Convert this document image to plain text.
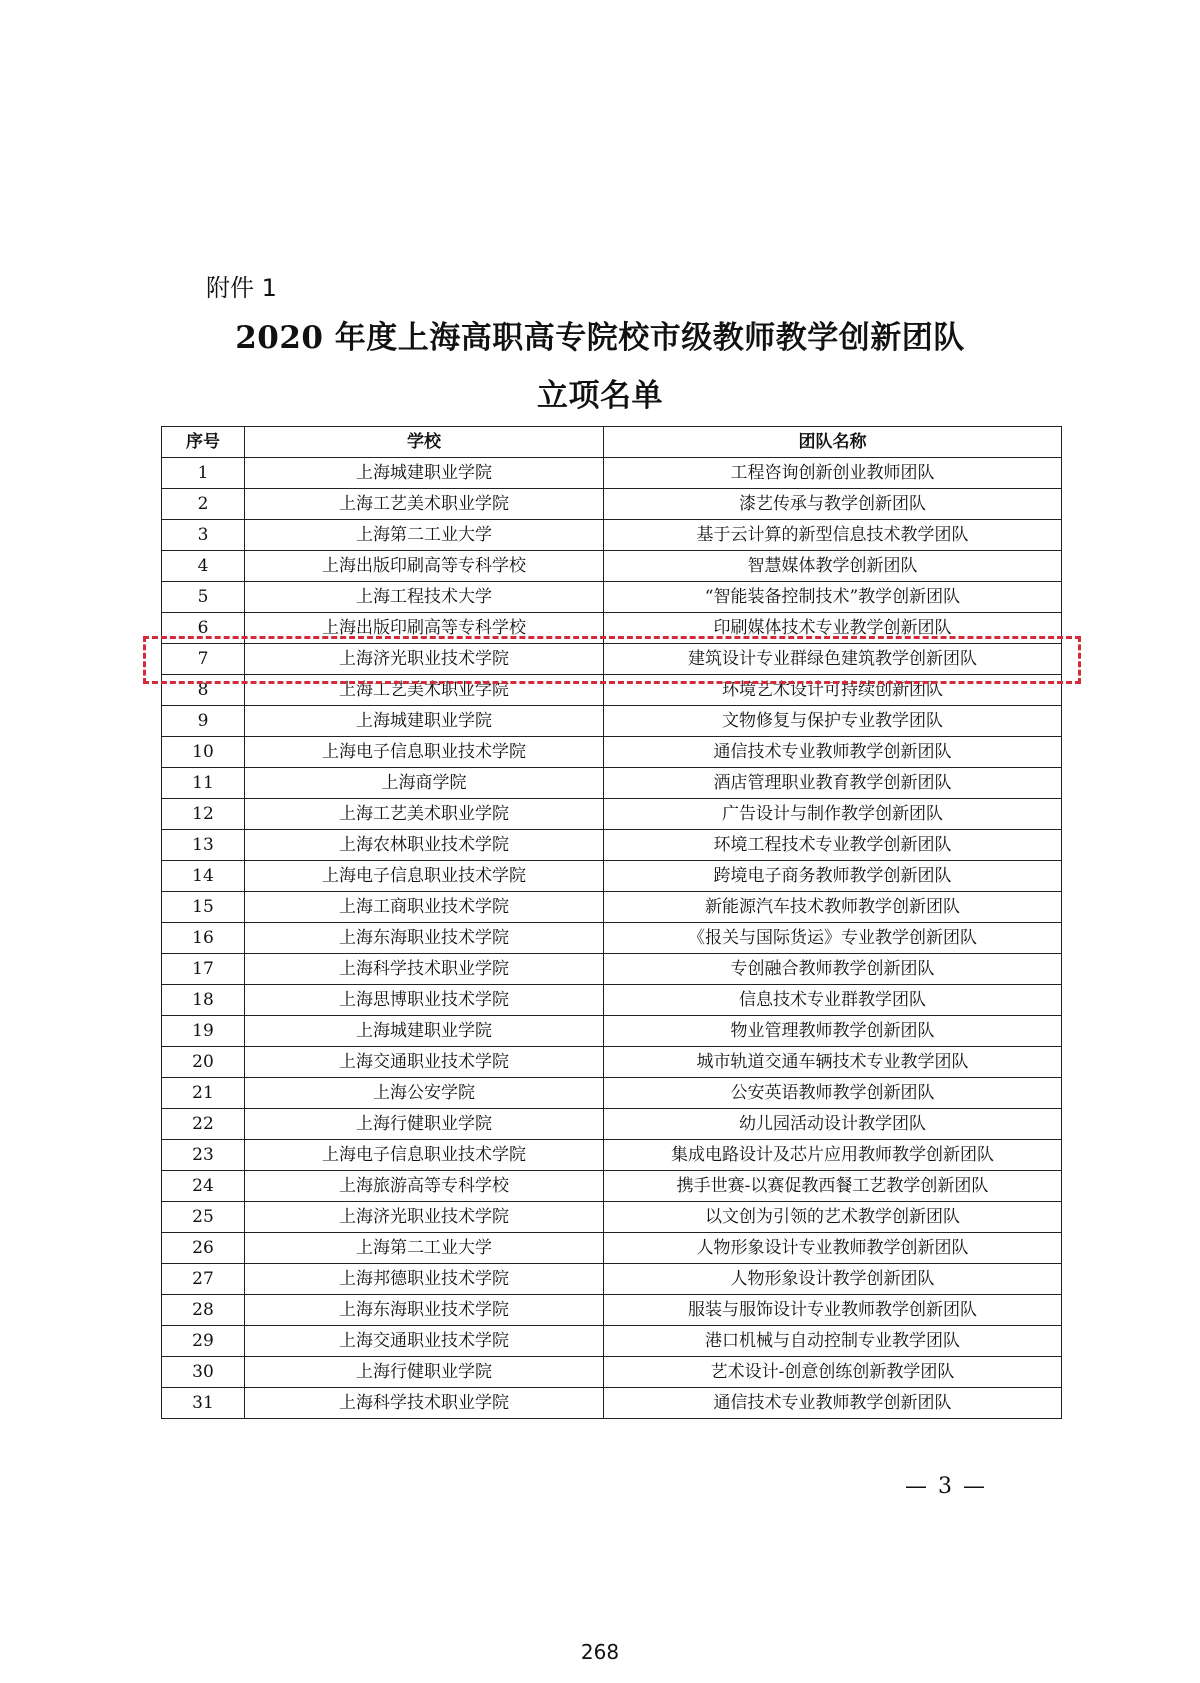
附件 1
2020 年度上海高职高专院校市级教师教学创新团队
立项名单
序号	学校	团队名称
1	上海城建职业学院	工程咨询创新创业教师团队
2	上海工艺美术职业学院	漆艺传承与教学创新团队
3	上海第二工业大学	基于云计算的新型信息技术教学团队
4	上海出版印刷高等专科学校	智慧媒体教学创新团队
5	上海工程技术大学	“智能装备控制技术”教学创新团队
6	上海出版印刷高等专科学校	印刷媒体技术专业教学创新团队
7	上海济光职业技术学院	建筑设计专业群绿色建筑教学创新团队
8	上海工艺美术职业学院	环境艺术设计可持续创新团队
9	上海城建职业学院	文物修复与保护专业教学团队
10	上海电子信息职业技术学院	通信技术专业教师教学创新团队
11	上海商学院	酒店管理职业教育教学创新团队
12	上海工艺美术职业学院	广告设计与制作教学创新团队
13	上海农林职业技术学院	环境工程技术专业教学创新团队
14	上海电子信息职业技术学院	跨境电子商务教师教学创新团队
15	上海工商职业技术学院	新能源汽车技术教师教学创新团队
16	上海东海职业技术学院	《报关与国际货运》专业教学创新团队
17	上海科学技术职业学院	专创融合教师教学创新团队
18	上海思博职业技术学院	信息技术专业群教学团队
19	上海城建职业学院	物业管理教师教学创新团队
20	上海交通职业技术学院	城市轨道交通车辆技术专业教学团队
21	上海公安学院	公安英语教师教学创新团队
22	上海行健职业学院	幼儿园活动设计教学团队
23	上海电子信息职业技术学院	集成电路设计及芯片应用教师教学创新团队
24	上海旅游高等专科学校	携手世赛-以赛促教西餐工艺教学创新团队
25	上海济光职业技术学院	以文创为引领的艺术教学创新团队
26	上海第二工业大学	人物形象设计专业教师教学创新团队
27	上海邦德职业技术学院	人物形象设计教学创新团队
28	上海东海职业技术学院	服装与服饰设计专业教师教学创新团队
29	上海交通职业技术学院	港口机械与自动控制专业教学团队
30	上海行健职业学院	艺术设计-创意创练创新教学团队
31	上海科学技术职业学院	通信技术专业教师教学创新团队
— 3 —
268
